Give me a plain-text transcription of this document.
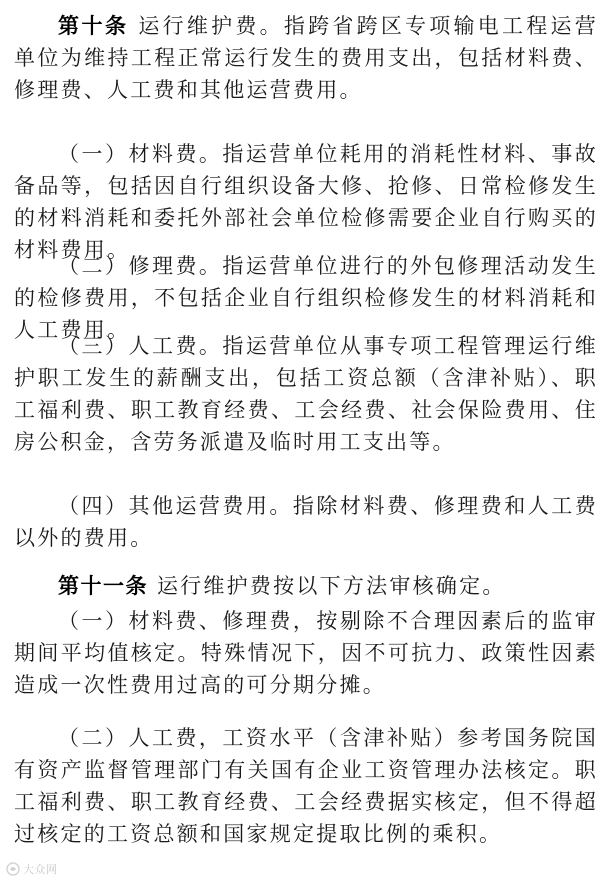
第十条 运行维护费。指跨省跨区专项输电工程运营单位为维持工程正常运行发生的费用支出，包括材料费、修理费、人工费和其他运营费用。

（一）材料费。指运营单位耗用的消耗性材料、事故备品等，包括因自行组织设备大修、抢修、日常检修发生的材料消耗和委托外部社会单位检修需要企业自行购买的材料费用。

（二）修理费。指运营单位进行的外包修理活动发生的检修费用，不包括企业自行组织检修发生的材料消耗和人工费用。

（三）人工费。指运营单位从事专项工程管理运行维护职工发生的薪酬支出，包括工资总额（含津补贴）、职工福利费、职工教育经费、工会经费、社会保险费用、住房公积金，含劳务派遣及临时用工支出等。

（四）其他运营费用。指除材料费、修理费和人工费以外的费用。

第十一条 运行维护费按以下方法审核确定。

（一）材料费、修理费，按剔除不合理因素后的监审期间平均值核定。特殊情况下，因不可抗力、政策性因素造成一次性费用过高的可分期分摊。

（二）人工费，工资水平（含津补贴）参考国务院国有资产监督管理部门有关国有企业工资管理办法核定。职工福利费、职工教育经费、工会经费据实核定，但不得超过核定的工资总额和国家规定提取比例的乘积。

大众网
